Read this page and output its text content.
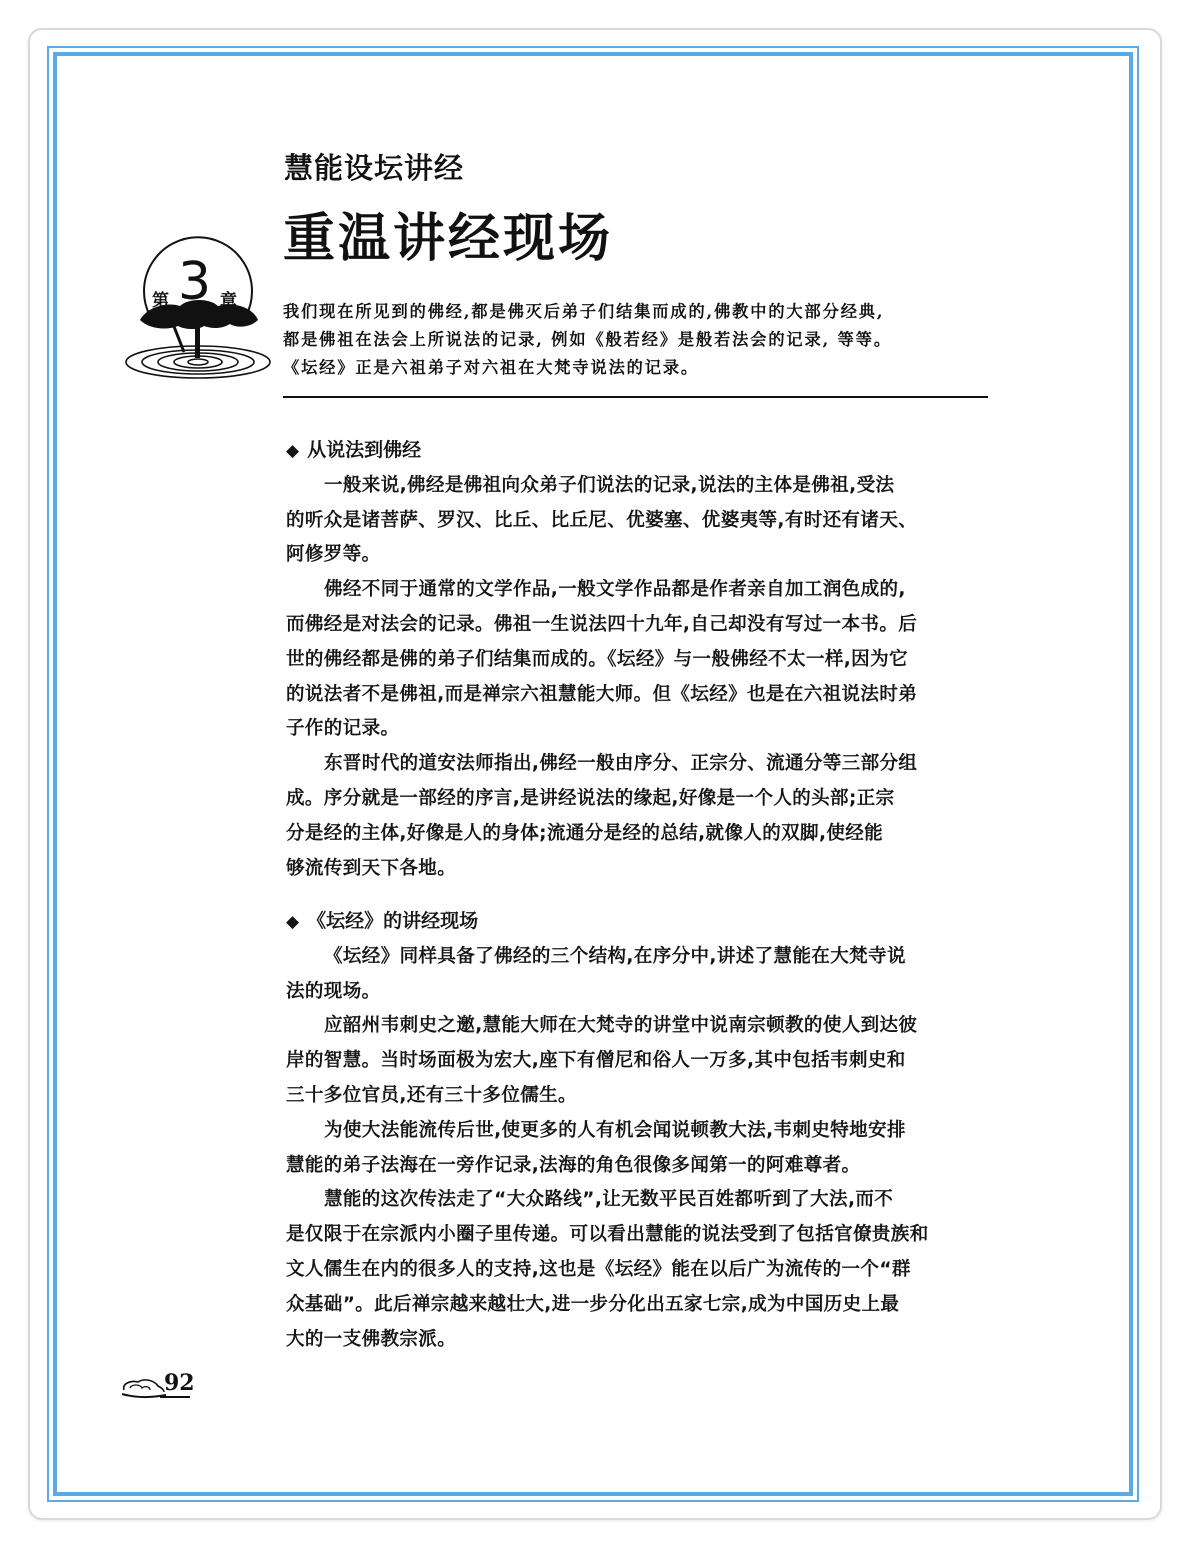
慧能设坛讲经
重温讲经现场
第 3 章

我们现在所见到的佛经,都是佛灭后弟子们结集而成的,佛教中的大部分经典,

都是佛祖在法会上所说法的记录, 例如《般若经》是般若法会的记录, 等等。

《坛经》正是六祖弟子对六祖在大梵寺说法的记录。

◆ 从说法到佛经

一般来说,佛经是佛祖向众弟子们说法的记录,说法的主体是佛祖,受法

的听众是诸菩萨、罗汉、比丘、比丘尼、优婆塞、优婆夷等,有时还有诸天、

阿修罗等。

佛经不同于通常的文学作品,一般文学作品都是作者亲自加工润色成的,

而佛经是对法会的记录。佛祖一生说法四十九年,自己却没有写过一本书。后

世的佛经都是佛的弟子们结集而成的。《坛经》与一般佛经不太一样,因为它

的说法者不是佛祖,而是禅宗六祖慧能大师。但《坛经》也是在六祖说法时弟

子作的记录。

东晋时代的道安法师指出,佛经一般由序分、正宗分、流通分等三部分组

成。序分就是一部经的序言,是讲经说法的缘起,好像是一个人的头部;正宗

分是经的主体,好像是人的身体;流通分是经的总结,就像人的双脚,使经能

够流传到天下各地。

◆ 《坛经》的讲经现场

《坛经》同样具备了佛经的三个结构,在序分中,讲述了慧能在大梵寺说

法的现场。

应韶州韦刺史之邀,慧能大师在大梵寺的讲堂中说南宗顿教的使人到达彼

岸的智慧。当时场面极为宏大,座下有僧尼和俗人一万多,其中包括韦刺史和

三十多位官员,还有三十多位儒生。

为使大法能流传后世,使更多的人有机会闻说顿教大法,韦刺史特地安排

慧能的弟子法海在一旁作记录,法海的角色很像多闻第一的阿难尊者。

慧能的这次传法走了“大众路线”,让无数平民百姓都听到了大法,而不

是仅限于在宗派内小圈子里传递。可以看出慧能的说法受到了包括官僚贵族和

文人儒生在内的很多人的支持,这也是《坛经》能在以后广为流传的一个“群

众基础”。此后禅宗越来越壮大,进一步分化出五家七宗,成为中国历史上最

大的一支佛教宗派。

92
